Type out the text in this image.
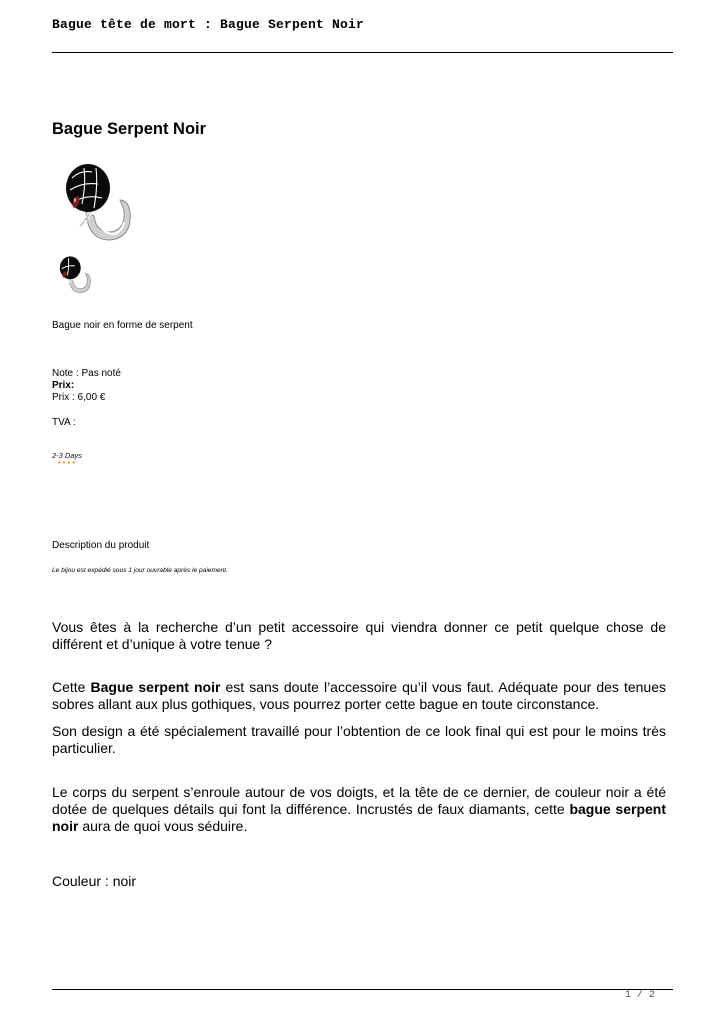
Bague tête de mort : Bague Serpent Noir
Bague Serpent Noir
Bague noir en forme de serpent
Note : Pas noté
Prix:
Prix : 6,00 €
TVA :
2-3 Days
★★★★
Description du produit
Le bijou est expédié sous 1 jour ouvrable après le paiement.

Vous êtes à la recherche d’un petit accessoire qui viendra donner ce petit quelque chose de différent et d’unique à votre tenue ?

Cette Bague serpent noir est sans doute l’accessoire qu’il vous faut. Adéquate pour des tenues sobres allant aux plus gothiques, vous pourrez porter cette bague en toute circonstance.

Son design a été spécialement travaillé pour l’obtention de ce look final qui est pour le moins très particulier.

Le corps du serpent s’enroule autour de vos doigts, et la tête de ce dernier, de couleur noir a été dotée de quelques détails qui font la différence. Incrustés de faux diamants, cette bague serpent noir aura de quoi vous séduire.

Couleur : noir

1 / 2
